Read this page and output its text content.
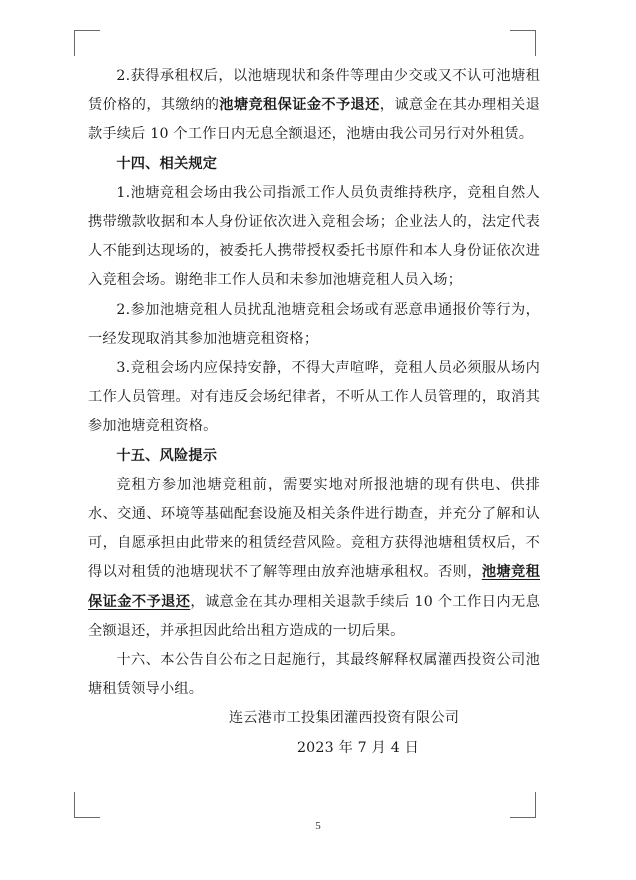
2.获得承租权后，以池塘现状和条件等理由少交或又不认可池塘租赁价格的，其缴纳的池塘竞租保证金不予退还，诚意金在其办理相关退款手续后 10 个工作日内无息全额退还，池塘由我公司另行对外租赁。

十四、相关规定

1.池塘竞租会场由我公司指派工作人员负责维持秩序，竞租自然人携带缴款收据和本人身份证依次进入竞租会场；企业法人的，法定代表人不能到达现场的，被委托人携带授权委托书原件和本人身份证依次进入竞租会场。谢绝非工作人员和未参加池塘竞租人员入场；

2.参加池塘竞租人员扰乱池塘竞租会场或有恶意串通报价等行为，一经发现取消其参加池塘竞租资格；

3.竞租会场内应保持安静，不得大声喧哗，竞租人员必须服从场内工作人员管理。对有违反会场纪律者，不听从工作人员管理的，取消其参加池塘竞租资格。

十五、风险提示

竞租方参加池塘竞租前，需要实地对所报池塘的现有供电、供排水、交通、环境等基础配套设施及相关条件进行勘查，并充分了解和认可，自愿承担由此带来的租赁经营风险。竞租方获得池塘租赁权后，不得以对租赁的池塘现状不了解等理由放弃池塘承租权。否则，池塘竞租保证金不予退还，诚意金在其办理相关退款手续后 10 个工作日内无息全额退还，并承担因此给出租方造成的一切后果。

十六、本公告自公布之日起施行，其最终解释权属灌西投资公司池塘租赁领导小组。

连云港市工投集团灌西投资有限公司

2023 年 7 月 4 日

5
